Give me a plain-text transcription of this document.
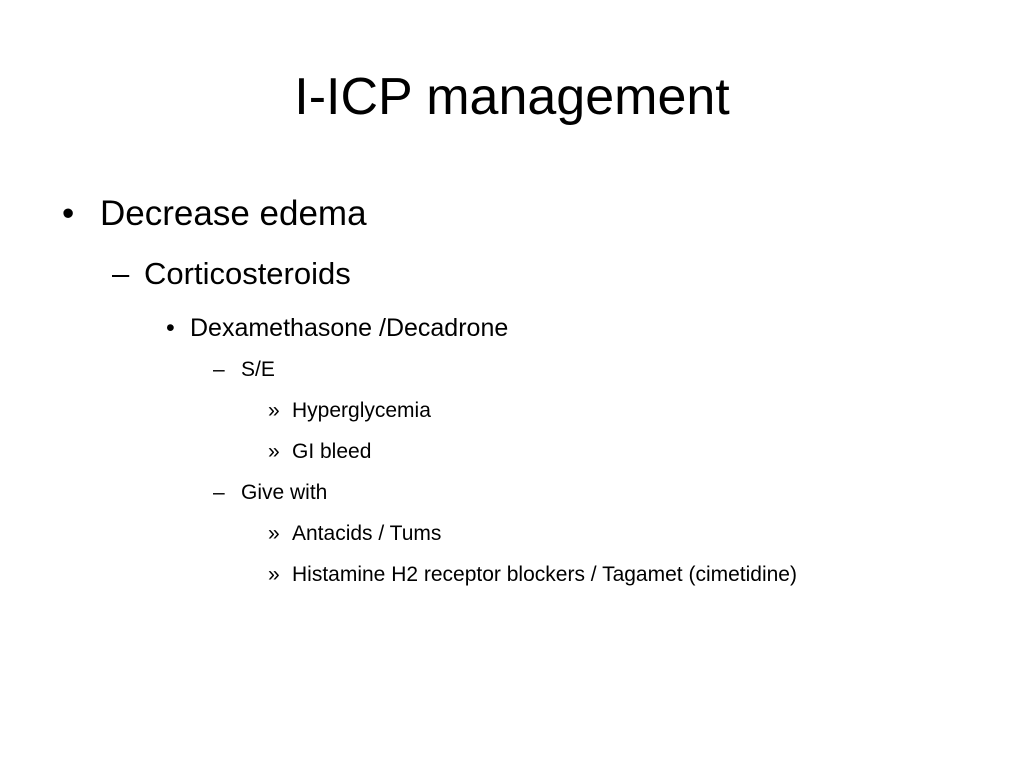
I-ICP management
• Decrease edema
– Corticosteroids
• Dexamethasone /Decadrone
– S/E
» Hyperglycemia
» GI bleed
– Give with
» Antacids / Tums
» Histamine H2 receptor blockers / Tagamet (cimetidine)
